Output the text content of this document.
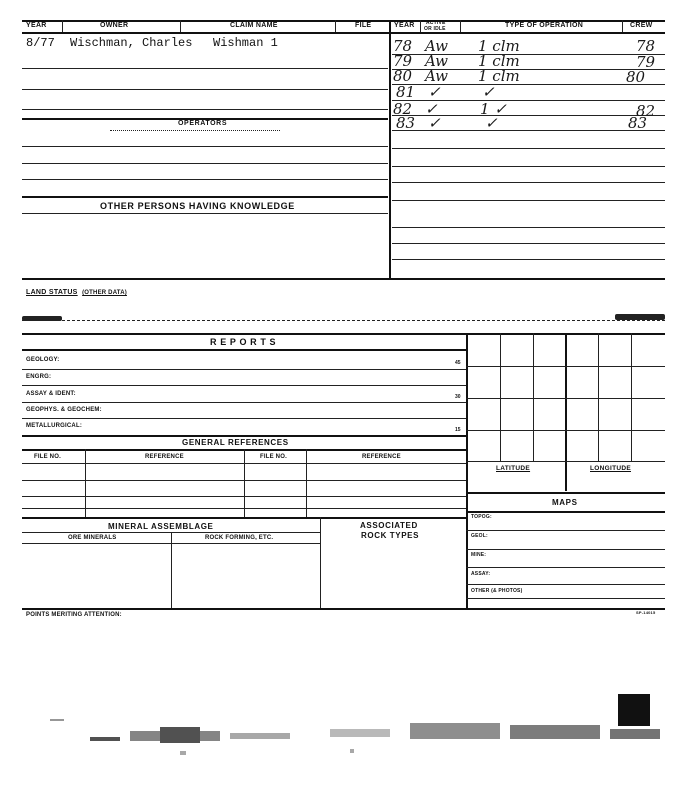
YEAR	OWNER	CLAIM NAME	FILE	YEAR ACTIVE
OR IDLE	TYPE OF OPERATION	CREW
8/77 Wischman, Charles Wishman 1	78 Aw 1 clm	78
79 Aw 1 clm	79
80 Aw 1 clm	80
81 ✓	✓
82 ✓	1 ✓	82
83 ✓	✓	83
OPERATORS
OTHER PERSONS HAVING KNOWLEDGE
LAND STATUS (OTHER DATA)
R E P O R T S
GEOLOGY:	45
ENGRG:
ASSAY & IDENT:	30
GEOPHYS. & GEOCHEM:
METALLURGICAL:
15
GENERAL REFERENCES
FILE NO.	REFERENCE	FILE NO.	REFERENCE
MINERAL ASSEMBLAGE	ASSOCIATED
ROCK TYPES
ORE MINERALS	ROCK FORMING, ETC.
LATITUDE	LONGITUDE
MAPS
TOPOG:
GEOL:
MINE:
ASSAY:
OTHER (& PHOTOS)
POINTS MERITING ATTENTION:	SP-14015
